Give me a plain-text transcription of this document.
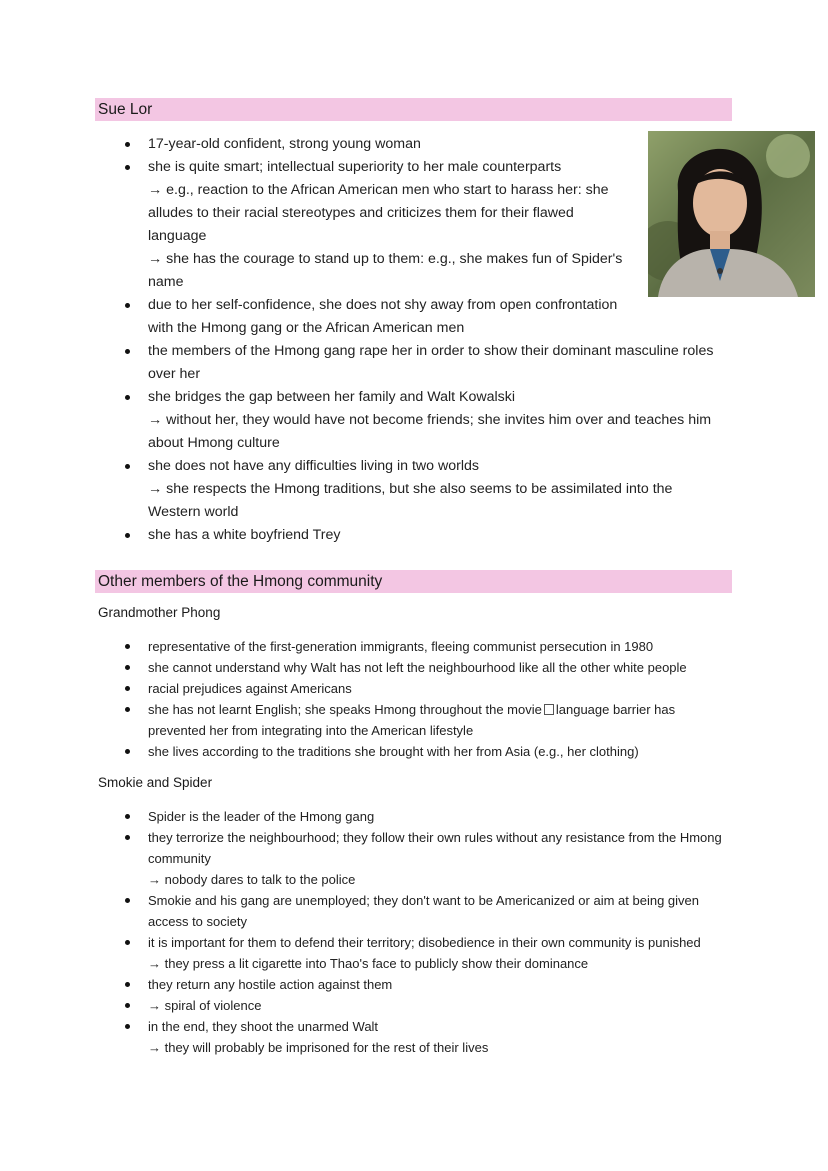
Sue Lor
17-year-old confident, strong young woman
she is quite smart; intellectual superiority to her male counterparts
→ e.g., reaction to the African American men who start to harass her: she alludes to their racial stereotypes and criticizes them for their flawed language
→ she has the courage to stand up to them: e.g., she makes fun of Spider's name
due to her self-confidence, she does not shy away from open confrontation with the Hmong gang or the African American men
the members of the Hmong gang rape her in order to show their dominant masculine roles over her
she bridges the gap between her family and Walt Kowalski
→ without her, they would have not become friends; she invites him over and teaches him about Hmong culture
she does not have any difficulties living in two worlds
→ she respects the Hmong traditions, but she also seems to be assimilated into the Western world
she has a white boyfriend Trey
Other members of the Hmong community
Grandmother Phong
representative of the first-generation immigrants, fleeing communist persecution in 1980
she cannot understand why Walt has not left the neighbourhood like all the other white people
racial prejudices against Americans
she has not learnt English; she speaks Hmong throughout the movie language barrier has prevented her from integrating into the American lifestyle
she lives according to the traditions she brought with her from Asia (e.g., her clothing)
Smokie and Spider
Spider is the leader of the Hmong gang
they terrorize the neighbourhood; they follow their own rules without any resistance from the Hmong community
→ nobody dares to talk to the police
Smokie and his gang are unemployed; they don't want to be Americanized or aim at being given access to society
it is important for them to defend their territory; disobedience in their own community is punished
→ they press a lit cigarette into Thao's face to publicly show their dominance
they return any hostile action against them
→ spiral of violence
in the end, they shoot the unarmed Walt
→ they will probably be imprisoned for the rest of their lives
